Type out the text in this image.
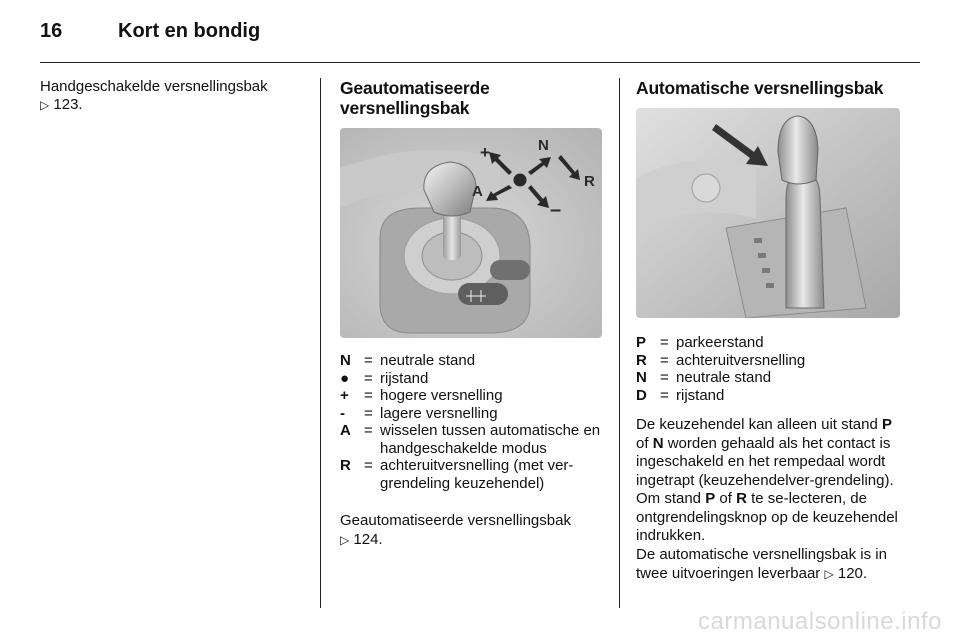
16	Kort en bondig
Handgeschakelde versnellingsbak
▷ 123.
Geautomatiseerde
versnellingsbak
+	N
R
A
–
N = neutrale stand
● = rijstand
+	= hogere versnelling
-	= lagere versnelling
A = wisselen tussen automatische en handgeschakelde modus
R = achteruitversnelling (met ver-grendeling keuzehendel)
Geautomatiseerde versnellingsbak
▷ 124.
Automatische versnellingsbak
P = parkeerstand
R = achteruitversnelling
N = neutrale stand
D = rijstand
De keuzehendel kan alleen uit stand P of N worden gehaald als het contact is ingeschakeld en het rempedaal wordt ingetrapt (keuzehendelver-grendeling). Om stand P of R te se-lecteren, de ontgrendelingsknop op de keuzehendel indrukken.
De automatische versnellingsbak is in twee uitvoeringen leverbaar ▷ 120.
carmanualsonline.info
